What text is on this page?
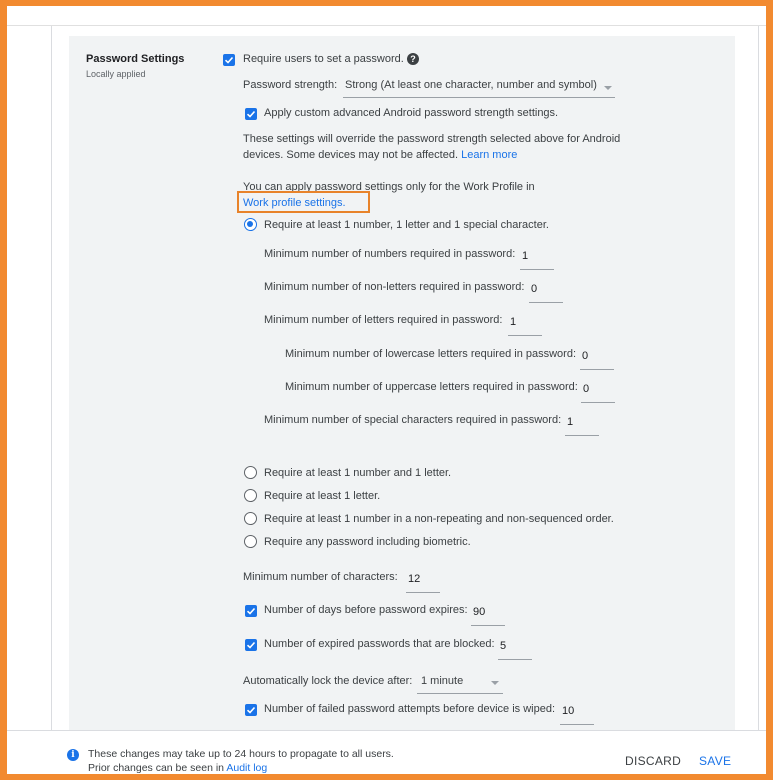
Password Settings
Locally applied
Require users to set a password. ?
Password strength: Strong (At least one character, number and symbol)
Apply custom advanced Android password strength settings.
These settings will override the password strength selected above for Android
devices. Some devices may not be affected. Learn more
You can apply password settings only for the Work Profile in
Work profile settings.
Require at least 1 number, 1 letter and 1 special character.
Minimum number of numbers required in password: 1
Minimum number of non-letters required in password: 0
Minimum number of letters required in password: 1
Minimum number of lowercase letters required in password: 0
Minimum number of uppercase letters required in password: 0
Minimum number of special characters required in password: 1
Require at least 1 number and 1 letter.
Require at least 1 letter.
Require at least 1 number in a non-repeating and non-sequenced order.
Require any password including biometric.
Minimum number of characters: 12
Number of days before password expires: 90
Number of expired passwords that are blocked: 5
Automatically lock the device after: 1 minute
Number of failed password attempts before device is wiped: 10
i	These changes may take up to 24 hours to propagate to all users.
Prior changes can be seen in Audit log	DISCARD SAVE
